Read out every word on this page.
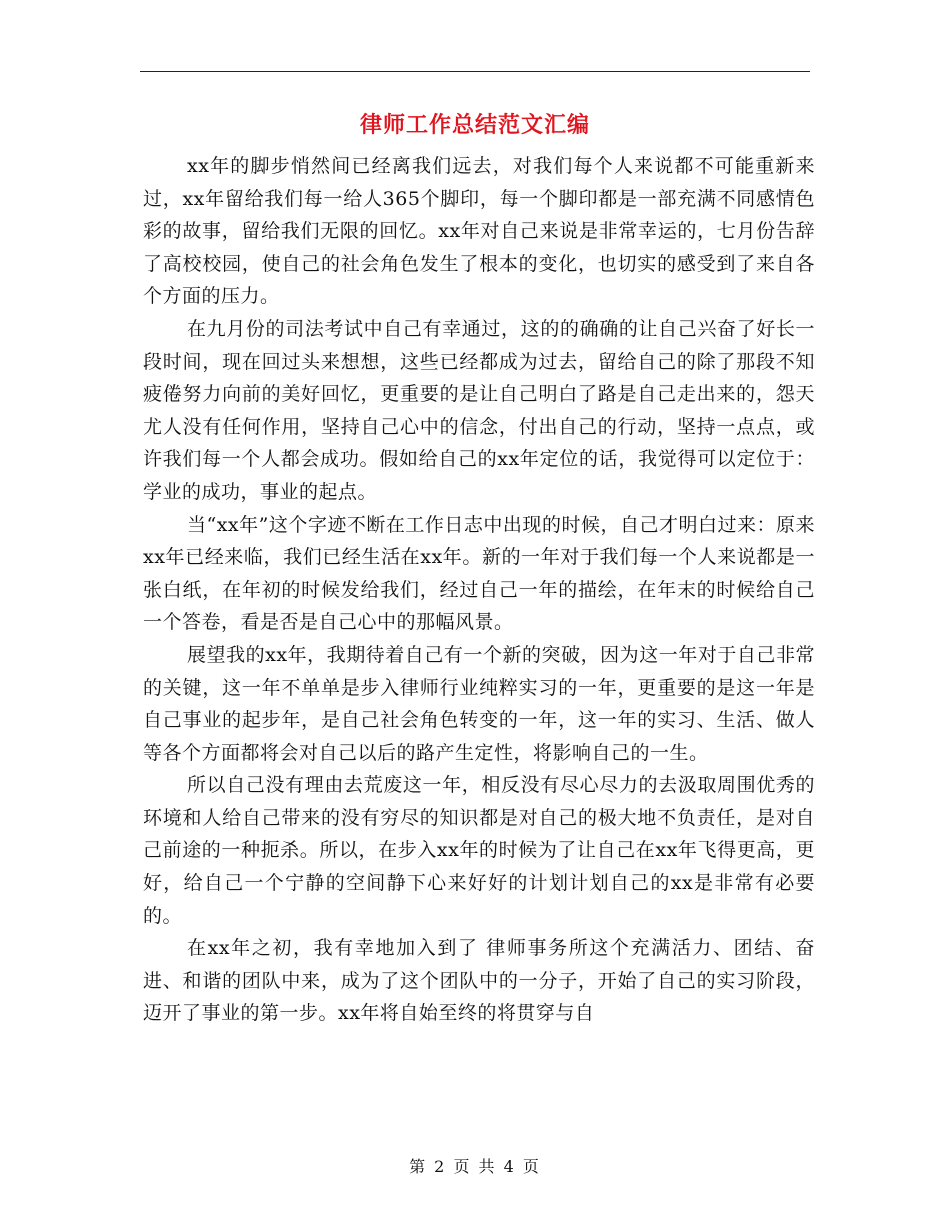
律师工作总结范文汇编

xx年的脚步悄然间已经离我们远去，对我们每个人来说都不可能重新来过，xx年留给我们每一给人365个脚印，每一个脚印都是一部充满不同感情色彩的故事，留给我们无限的回忆。xx年对自己来说是非常幸运的，七月份告辞了高校校园，使自己的社会角色发生了根本的变化，也切实的感受到了来自各个方面的压力。

在九月份的司法考试中自己有幸通过，这的的确确的让自己兴奋了好长一段时间，现在回过头来想想，这些已经都成为过去，留给自己的除了那段不知疲倦努力向前的美好回忆，更重要的是让自己明白了路是自己走出来的，怨天尤人没有任何作用，坚持自己心中的信念，付出自己的行动，坚持一点点，或许我们每一个人都会成功。假如给自己的xx年定位的话，我觉得可以定位于：学业的成功，事业的起点。

当“xx年”这个字迹不断在工作日志中出现的时候，自己才明白过来：原来xx年已经来临，我们已经生活在xx年。新的一年对于我们每一个人来说都是一张白纸，在年初的时候发给我们，经过自己一年的描绘，在年末的时候给自己一个答卷，看是否是自己心中的那幅风景。

展望我的xx年，我期待着自己有一个新的突破，因为这一年对于自己非常的关键，这一年不单单是步入律师行业纯粹实习的一年，更重要的是这一年是自己事业的起步年，是自己社会角色转变的一年，这一年的实习、生活、做人等各个方面都将会对自己以后的路产生定性，将影响自己的一生。

所以自己没有理由去荒废这一年，相反没有尽心尽力的去汲取周围优秀的环境和人给自己带来的没有穷尽的知识都是对自己的极大地不负责任，是对自己前途的一种扼杀。所以，在步入xx年的时候为了让自己在xx年飞得更高，更好，给自己一个宁静的空间静下心来好好的计划计划自己的xx是非常有必要的。

在xx年之初，我有幸地加入到了 律师事务所这个充满活力、团结、奋进、和谐的团队中来，成为了这个团队中的一分子，开始了自己的实习阶段，迈开了事业的第一步。xx年将自始至终的将贯穿与自

第 2 页 共 4 页
